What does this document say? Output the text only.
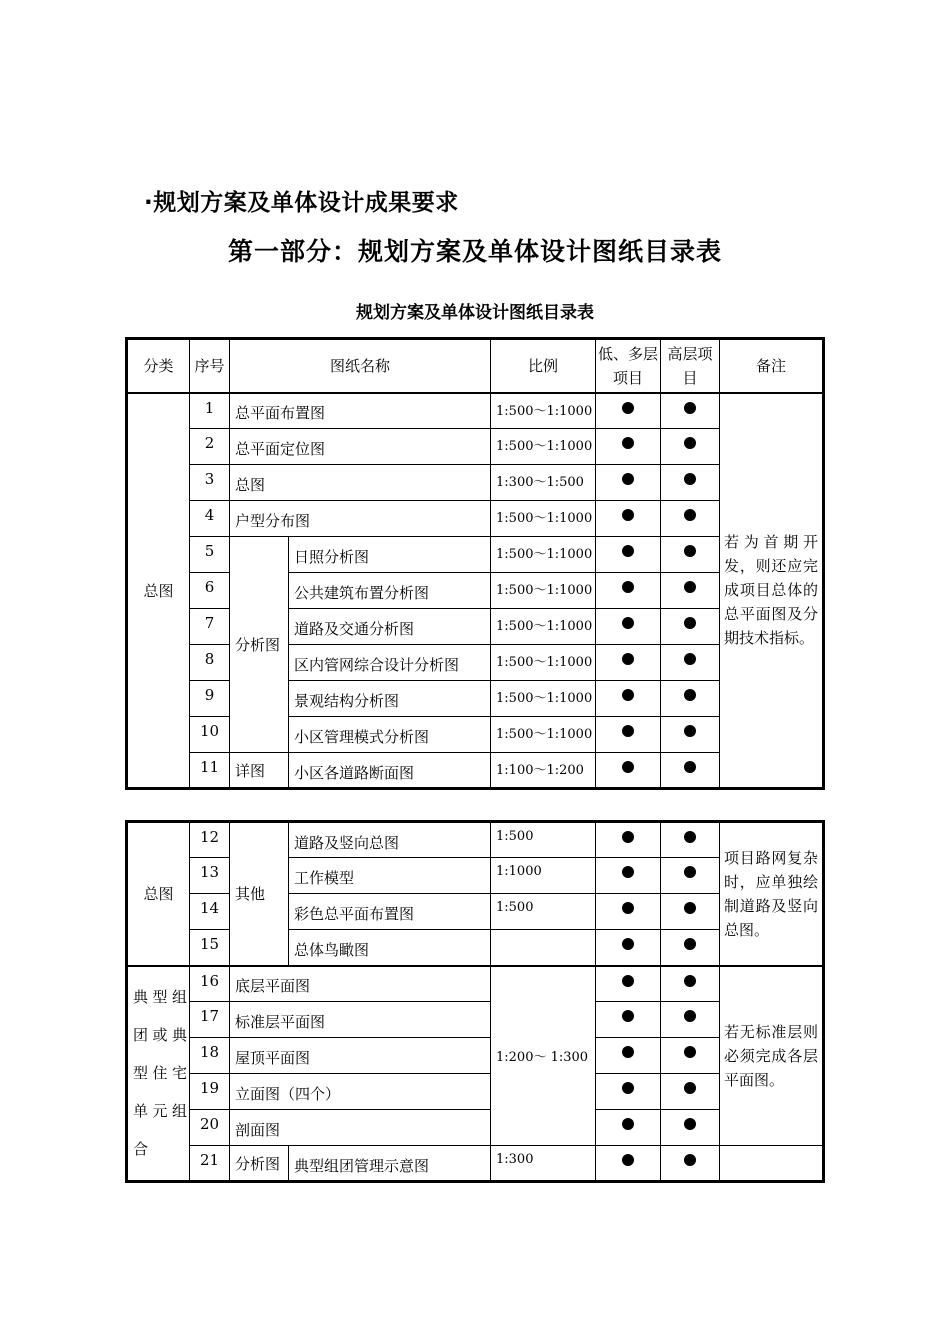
·规划方案及单体设计成果要求
第一部分：规划方案及单体设计图纸目录表
规划方案及单体设计图纸目录表
分类	序号	图纸名称		比例	低、多层项目	高层项目	备注
总图	1	总平面布置图		1:500～1:1000			若为首期开发，则还应完成项目总体的总平面图及分期技术指标。

	2	总平面定位图		1:500～1:1000			
	3	总图		1:300～1:500			
	4	户型分布图		1:500～1:1000			
	5	分析图	日照分析图	1:500～1:1000			
	6		公共建筑布置分析图	1:500～1:1000			
	7		道路及交通分析图	1:500～1:1000			
	8		区内管网综合设计分析图	1:500～1:1000			
	9		景观结构分析图	1:500～1:1000			
	10		小区管理模式分析图	1:500～1:1000			
	11	详图	小区各道路断面图	1:100～1:200			
总图	12	其他	道路及竖向总图	1:500			项目路网复杂时，应单独绘制道路及竖向总图。

	13		工作模型	1:1000			
	14		彩色总平面布置图	1:500			
	15		总体鸟瞰图				
典型组团或典型住宅单元组合	16	底层平面图		1:200～ 1:300			若无标准层则必须完成各层平面图。

	17	标准层平面图					
	18	屋顶平面图					
	19	立面图（四个）					
	20	剖面图					
	21	分析图	典型组团管理示意图	1:300			
